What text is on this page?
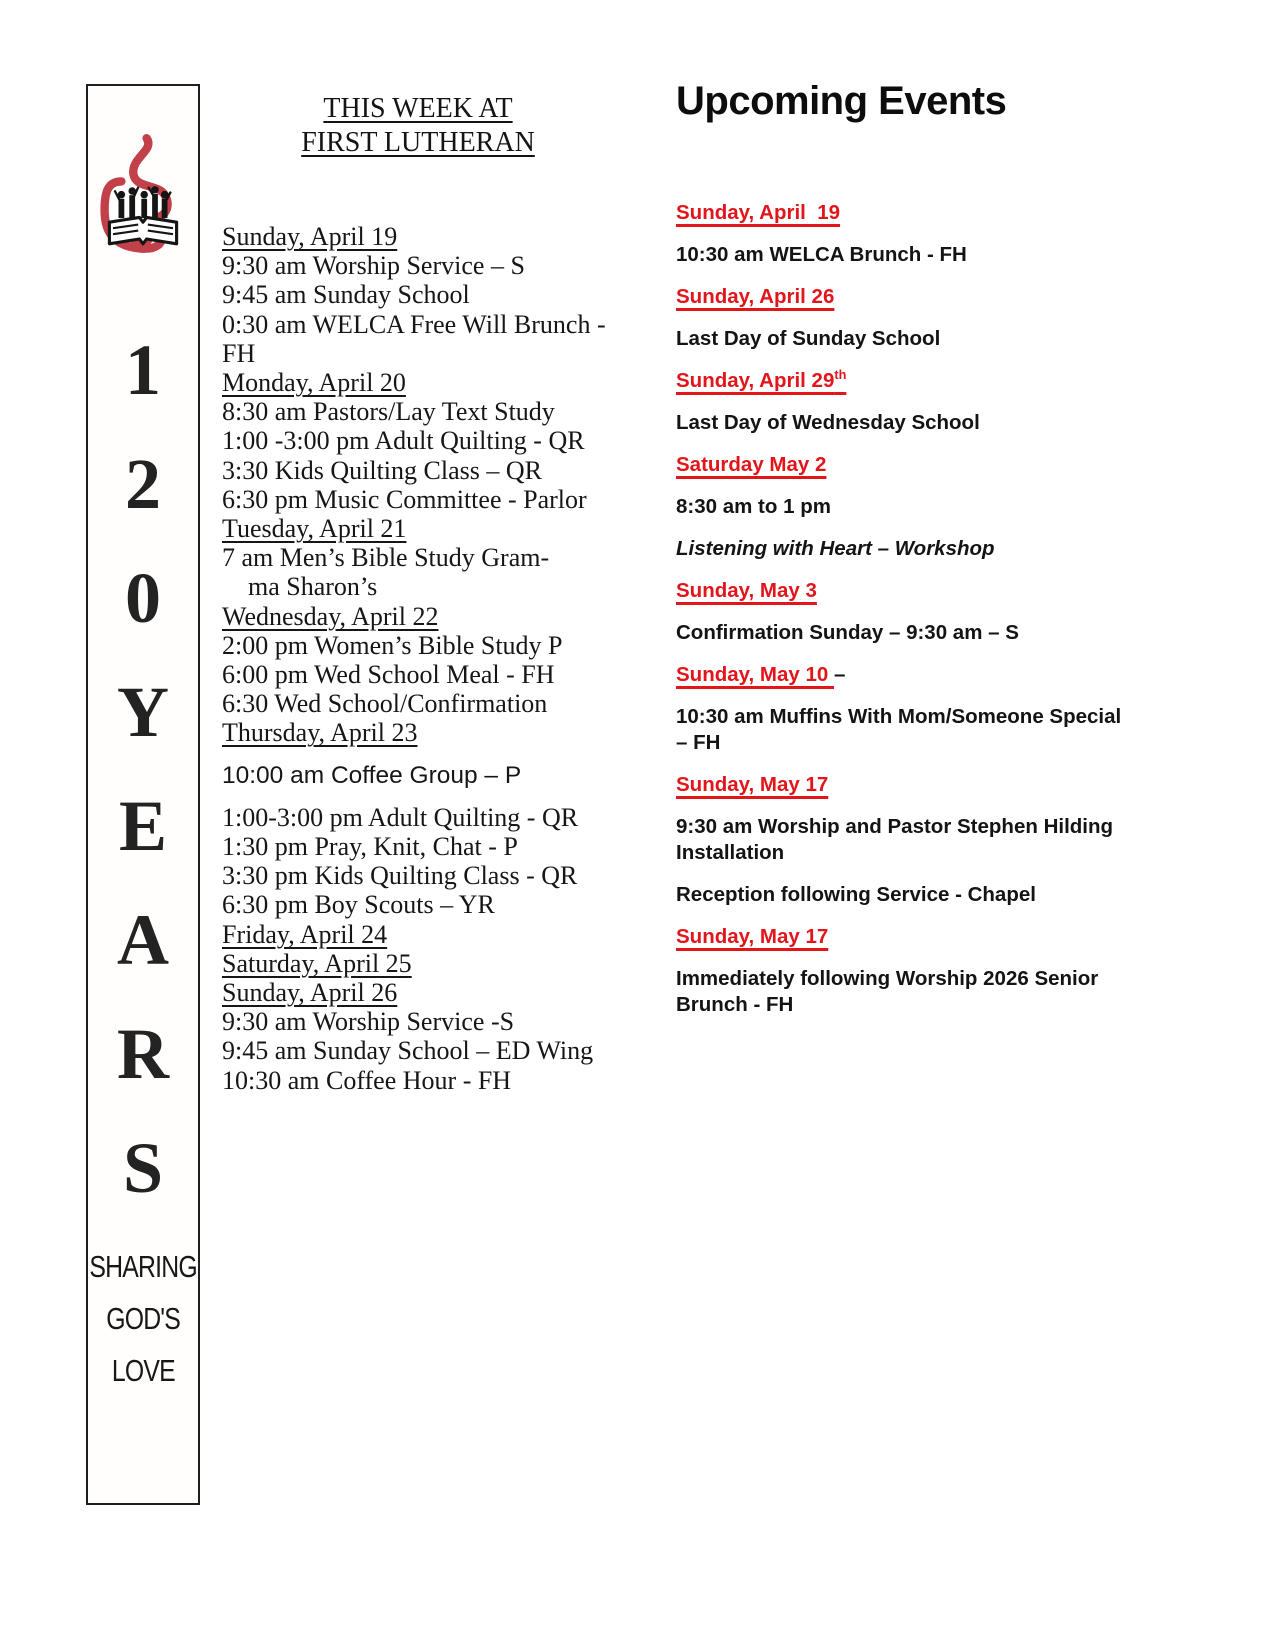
1
2
0
Y
E
A
R
S
SHARING
GOD'S
LOVE
THIS WEEK AT
FIRST LUTHERAN
Sunday, April 19
9:30 am Worship Service – S
9:45 am Sunday School
0:30 am WELCA Free Will Brunch -
FH
Monday, April 20
8:30 am Pastors/Lay Text Study
1:00 -3:00 pm Adult Quilting - QR
3:30 Kids Quilting Class – QR
6:30 pm Music Committee - Parlor
Tuesday, April 21
7 am Men’s Bible Study Gram-
ma Sharon’s
Wednesday, April 22
2:00 pm Women’s Bible Study P
6:00 pm Wed School Meal - FH
6:30 Wed School/Confirmation
Thursday, April 23
10:00 am Coffee Group – P
1:00-3:00 pm Adult Quilting - QR
1:30 pm Pray, Knit, Chat - P
3:30 pm Kids Quilting Class - QR
6:30 pm Boy Scouts – YR
Friday, April 24
Saturday, April 25
Sunday, April 26
9:30 am Worship Service -S
9:45 am Sunday School – ED Wing
10:30 am Coffee Hour - FH
Upcoming Events
Sunday, April  19
10:30 am WELCA Brunch - FH
Sunday, April 26
Last Day of Sunday School
Sunday, April 29th
Last Day of Wednesday School
Saturday May 2
8:30 am to 1 pm
Listening with Heart – Workshop
Sunday, May 3
Confirmation Sunday – 9:30 am – S
Sunday, May 10 –
10:30 am Muffins With Mom/Someone Special – FH
Sunday, May 17
9:30 am Worship and Pastor Stephen Hilding Installation
Reception following Service - Chapel
Sunday, May 17
Immediately following Worship 2026 Senior Brunch - FH
